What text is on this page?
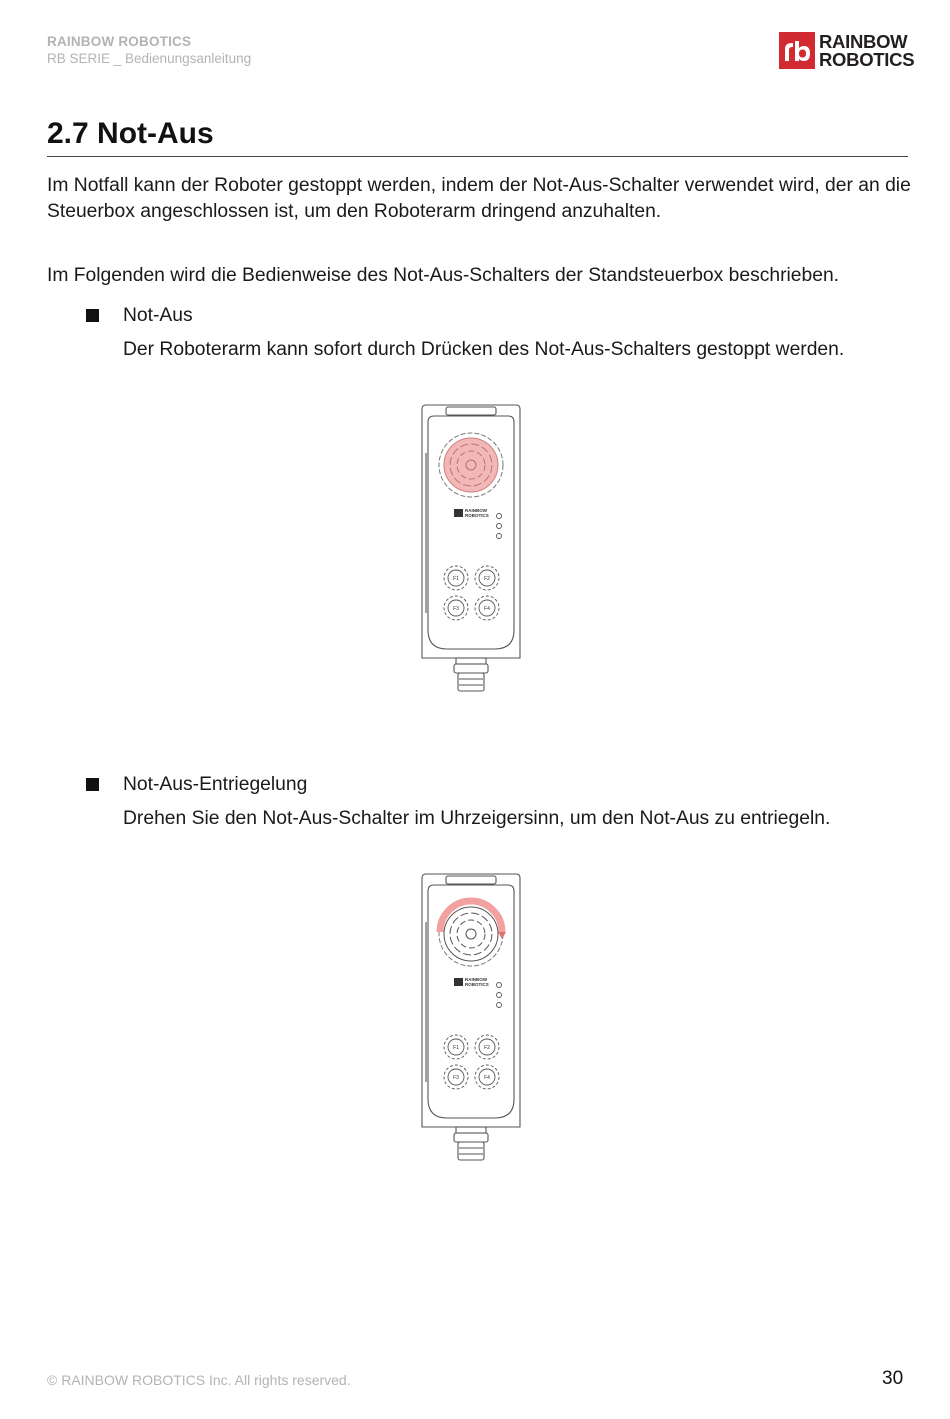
RAINBOW ROBOTICS
RB SERIE _ Bedienungsanleitung
RAINBOW
ROBOTICS
2.7 Not-Aus

Im Notfall kann der Roboter gestoppt werden, indem der Not-Aus-Schalter verwendet wird, der an die Steuerbox angeschlossen ist, um den Roboterarm dringend anzuhalten.

Im Folgenden wird die Bedienweise des Not-Aus-Schalters der Standsteuerbox beschrieben.

Not-Aus

Der Roboterarm kann sofort durch Drücken des Not-Aus-Schalters gestoppt werden.

RAINBOW
ROBOTICS
F1	F2
F3	F4

Not-Aus-Entriegelung

Drehen Sie den Not-Aus-Schalter im Uhrzeigersinn, um den Not-Aus zu entriegeln.

RAINBOW
ROBOTICS
F1	F2
F3	F4
© RAINBOW ROBOTICS Inc. All rights reserved.	30
